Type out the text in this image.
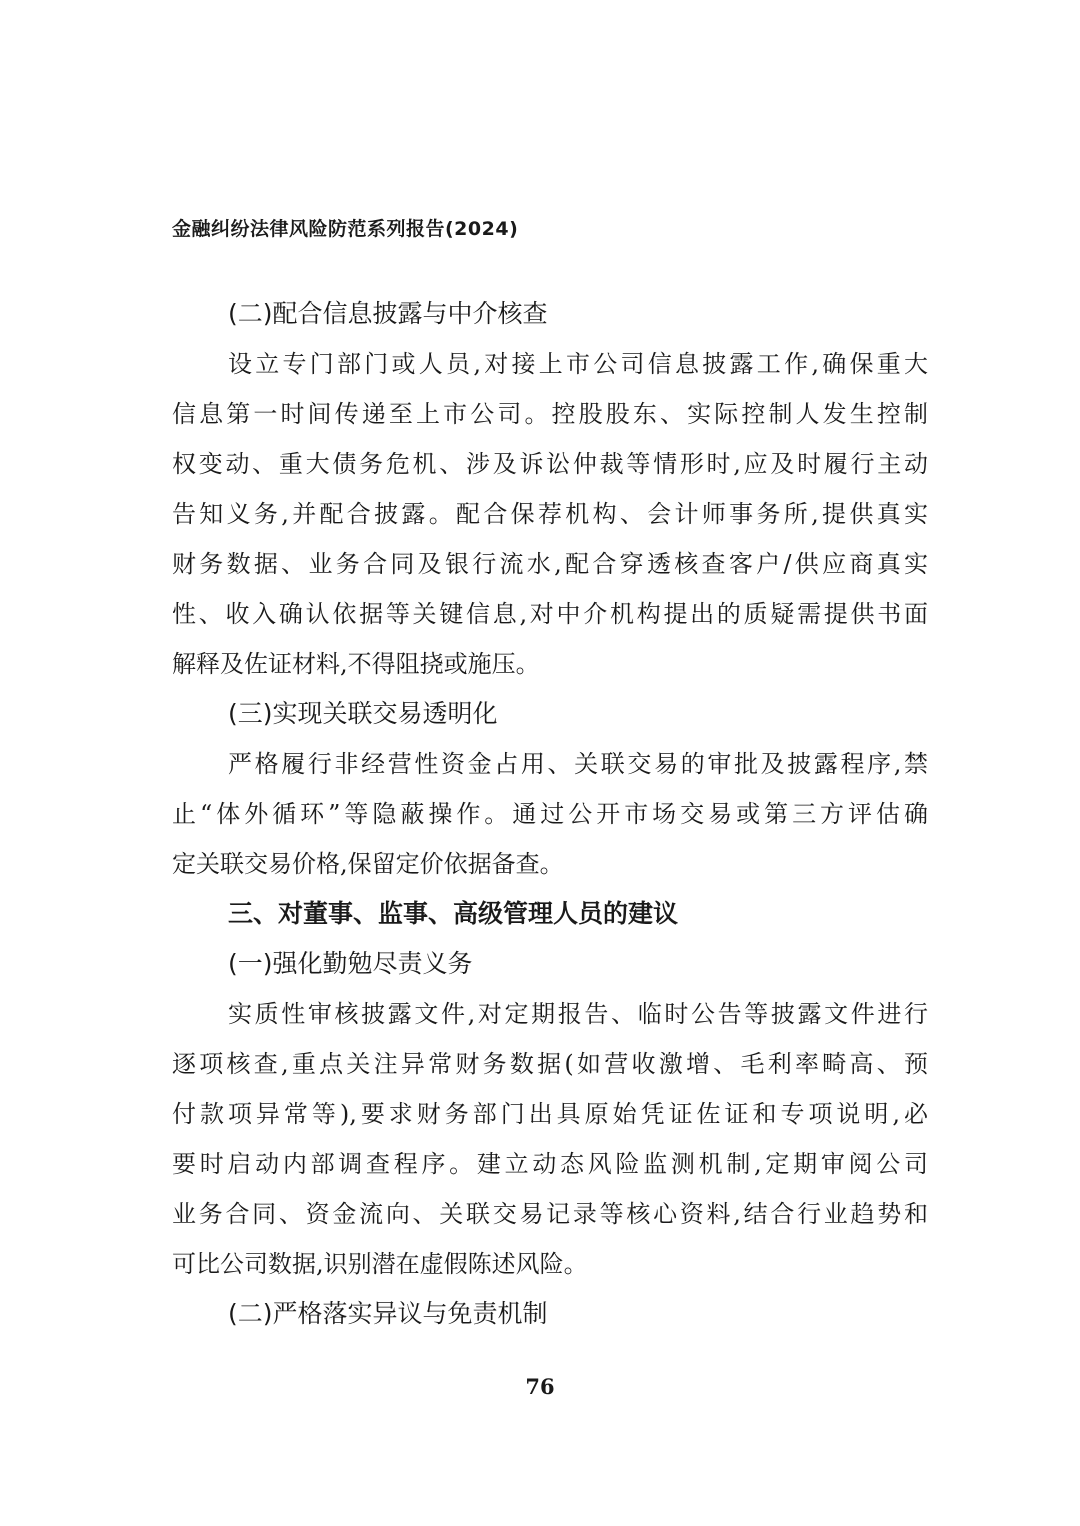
金融纠纷法律风险防范系列报告(2024)
(二)配合信息披露与中介核查
设立专门部门或人员,对接上市公司信息披露工作,确保重大
信息第一时间传递至上市公司。控股股东、实际控制人发生控制
权变动、重大债务危机、涉及诉讼仲裁等情形时,应及时履行主动
告知义务,并配合披露。配合保荐机构、会计师事务所,提供真实
财务数据、业务合同及银行流水,配合穿透核查客户/供应商真实
性、收入确认依据等关键信息,对中介机构提出的质疑需提供书面
解释及佐证材料,不得阻挠或施压。
(三)实现关联交易透明化
严格履行非经营性资金占用、关联交易的审批及披露程序,禁
止“体外循环”等隐蔽操作。通过公开市场交易或第三方评估确
定关联交易价格,保留定价依据备查。
三、对董事、监事、高级管理人员的建议
(一)强化勤勉尽责义务
实质性审核披露文件,对定期报告、临时公告等披露文件进行
逐项核查,重点关注异常财务数据(如营收激增、毛利率畸高、预
付款项异常等),要求财务部门出具原始凭证佐证和专项说明,必
要时启动内部调查程序。建立动态风险监测机制,定期审阅公司
业务合同、资金流向、关联交易记录等核心资料,结合行业趋势和
可比公司数据,识别潜在虚假陈述风险。
(二)严格落实异议与免责机制
76
